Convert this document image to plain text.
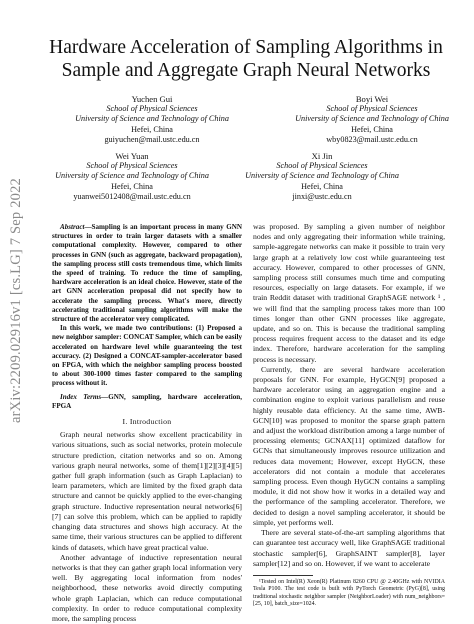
arXiv:2209.02916v1 [cs.LG] 7 Sep 2022
Hardware Acceleration of Sampling Algorithms in Sample and Aggregate Graph Neural Networks
Yuchen Gui
School of Physical Sciences
University of Science and Technology of China
Hefei, China
guiyuchen@mail.ustc.edu.cn
Boyi Wei
School of Physical Sciences
University of Science and Technology of China
Hefei, China
wby0823@mail.ustc.edu.cn
Wei Yuan
School of Physical Sciences
University of Science and Technology of China
Hefei, China
yuanwei5012408@mail.ustc.edu.cn
Xi Jin
School of Physical Sciences
University of Science and Technology of China
Hefei, China
jinxi@ustc.edu.cn

Abstract—Sampling is an important process in many GNN structures in order to train larger datasets with a smaller computational complexity. However, compared to other processes in GNN (such as aggregate, backward propagation), the sampling process still costs tremendous time, which limits the speed of training. To reduce the time of sampling, hardware acceleration is an ideal choice. However, state of the art GNN acceleration proposal did not specify how to accelerate the sampling process. What's more, directly accelerating traditional sampling algorithms will make the structure of the accelerator very complicated.

In this work, we made two contributions: (1) Proposed a new neighbor sampler: CONCAT Sampler, which can be easily accelerated on hardware level while guaranteeing the test accuracy. (2) Designed a CONCAT-sampler-accelerator based on FPGA, with which the neighbor sampling process boosted to about 300-1000 times faster compared to the sampling process without it.

Index Terms—GNN, sampling, hardware acceleration, FPGA

I. Introduction

Graph neural networks show excellent practicability in various situations, such as social networks, protein molecule structure prediction, citation networks and so on. Among various graph neural networks, some of them[1][2][3][4][5] gather full graph information (such as Graph Laplacian) to learn parameters, which are limited by the fixed graph data structure and cannot be quickly applied to the ever-changing graph structure. Inductive representation neural networks[6][7] can solve this problem, which can be applied to rapidly changing data structures and shows high accuracy. At the same time, their various structures can be applied to different kinds of datasets, which have great practical value.

Another advantage of inductive representation neural networks is that they can gather graph local information very well. By aggregating local information from nodes' neighborhood, these networks avoid directly computing whole graph Laplacian, which can reduce computational complexity. In order to reduce computational complexity more, the sampling process

was proposed. By sampling a given number of neighbor nodes and only aggregating their information while training, sample-aggregate networks can make it possible to train very large graph at a relatively low cost while guaranteeing test accuracy. However, compared to other processes of GNN, sampling process still consumes much time and computing resources, especially on large datasets. For example, if we train Reddit dataset with traditional GraphSAGE network ¹ , we will find that the sampling process takes more than 100 times longer than other GNN processes like aggregate, update, and so on. This is because the traditional sampling process requires frequent access to the dataset and its edge index. Therefore, hardware acceleration for the sampling process is necessary.

Currently, there are several hardware acceleration proposals for GNN. For example, HyGCN[9] proposed a hardware accelerator using an aggregation engine and a combination engine to exploit various parallelism and reuse highly reusable data efficiency. At the same time, AWB-GCN[10] was proposed to monitor the sparse graph pattern and adjust the workload distribution among a large number of processing elements; GCNAX[11] optimized dataflow for GCNs that simultaneously improves resource utilization and reduces data movement; However, except HyGCN, these accelerators did not contain a module that accelerates sampling process. Even though HyGCN contains a sampling module, it did not show how it works in a detailed way and the performance of the sampling accelerator. Therefore, we decided to design a novel sampling accelerator, it should be simple, yet performs well.

There are several state-of-the-art sampling algorithms that can guarantee test accuracy well, like GraphSAGE traditional stochastic sampler[6], GraphSAINT sampler[8], layer sampler[12] and so on. However, if we want to accelerate

¹Tested on Intel(R) Xeon(R) Platinum 8260 CPU @ 2.40GHz with NVIDIA Tesla P100. The test code is built with PyTorch Geometric (PyG)[8], using traditional stochastic neighbor sampler (NeighborLoader) with num_neighbors=[25, 10], batch_size=1024.
